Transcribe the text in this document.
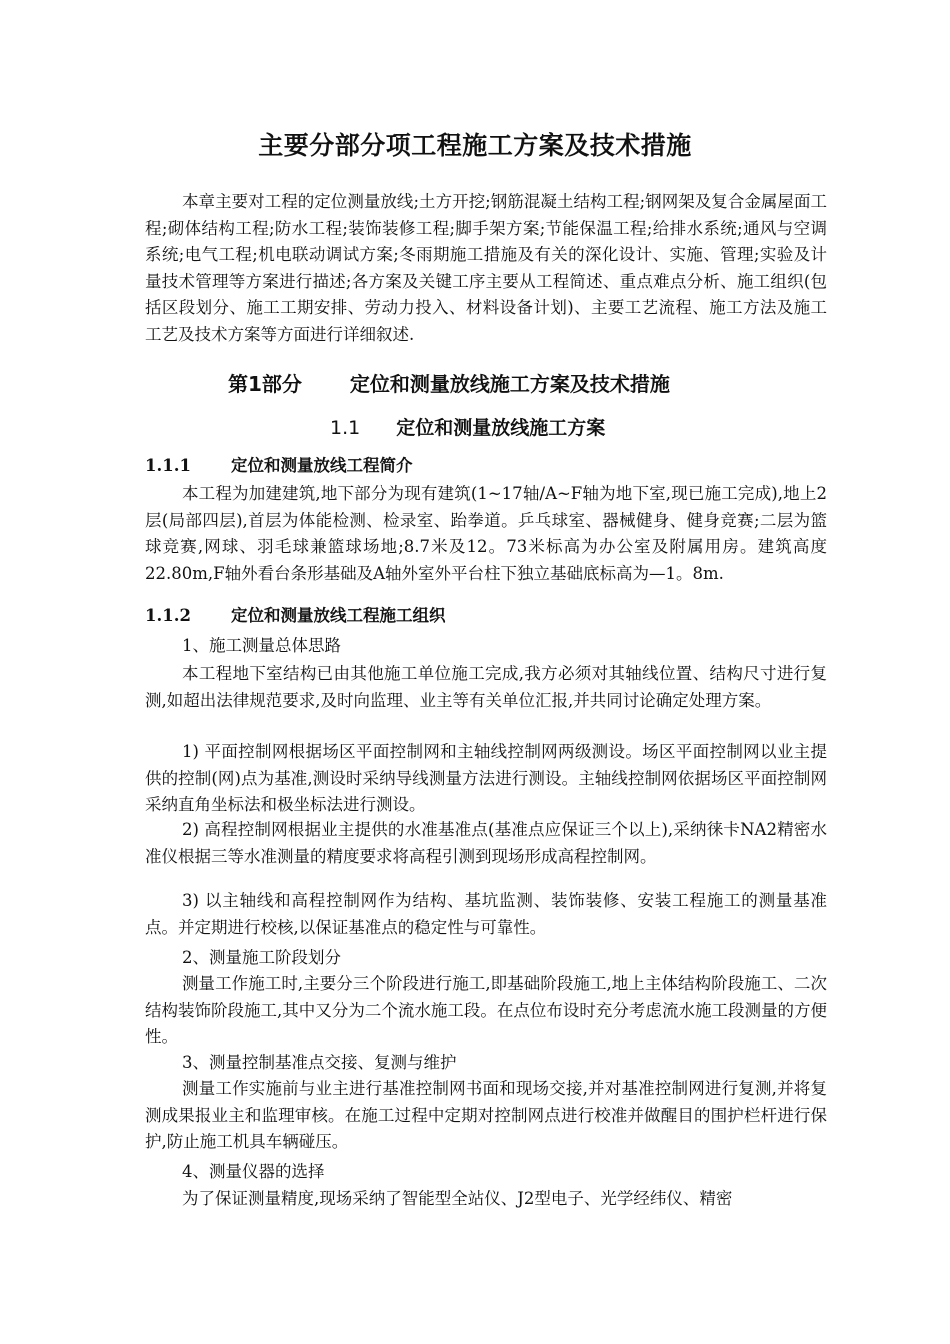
主要分部分项工程施工方案及技术措施

本章主要对工程的定位测量放线;土方开挖;钢筋混凝土结构工程;钢网架及复合金属屋面工程;砌体结构工程;防水工程;装饰装修工程;脚手架方案;节能保温工程;给排水系统;通风与空调系统;电气工程;机电联动调试方案;冬雨期施工措施及有关的深化设计、实施、管理;实验及计量技术管理等方案进行描述;各方案及关键工序主要从工程简述、重点难点分析、施工组织(包括区段划分、施工工期安排、劳动力投入、材料设备计划)、主要工艺流程、施工方法及施工工艺及技术方案等方面进行详细叙述.

第1部分 定位和测量放线施工方案及技术措施
1.1 定位和测量放线施工方案
1.1.1 定位和测量放线工程简介

本工程为加建建筑,地下部分为现有建筑(1~17轴/A~F轴为地下室,现已施工完成),地上2层(局部四层),首层为体能检测、检录室、跆拳道。乒乓球室、器械健身、健身竞赛;二层为篮球竞赛,网球、羽毛球兼篮球场地;8.7米及12。73米标高为办公室及附属用房。建筑高度22.80m,F轴外看台条形基础及A轴外室外平台柱下独立基础底标高为—1。8m.

1.1.2 定位和测量放线工程施工组织
1、施工测量总体思路

本工程地下室结构已由其他施工单位施工完成,我方必须对其轴线位置、结构尺寸进行复测,如超出法律规范要求,及时向监理、业主等有关单位汇报,并共同讨论确定处理方案。

1) 平面控制网根据场区平面控制网和主轴线控制网两级测设。场区平面控制网以业主提供的控制(网)点为基准,测设时采纳导线测量方法进行测设。主轴线控制网依据场区平面控制网采纳直角坐标法和极坐标法进行测设。

2) 高程控制网根据业主提供的水准基准点(基准点应保证三个以上),采纳徕卡NA2精密水准仪根据三等水准测量的精度要求将高程引测到现场形成高程控制网。

3) 以主轴线和高程控制网作为结构、基坑监测、装饰装修、安装工程施工的测量基准点。并定期进行校核,以保证基准点的稳定性与可靠性。

2、测量施工阶段划分

测量工作施工时,主要分三个阶段进行施工,即基础阶段施工,地上主体结构阶段施工、二次结构装饰阶段施工,其中又分为二个流水施工段。在点位布设时充分考虑流水施工段测量的方便性。

3、测量控制基准点交接、复测与维护

测量工作实施前与业主进行基准控制网书面和现场交接,并对基准控制网进行复测,并将复测成果报业主和监理审核。在施工过程中定期对控制网点进行校准并做醒目的围护栏杆进行保护,防止施工机具车辆碰压。

4、测量仪器的选择

为了保证测量精度,现场采纳了智能型全站仪、J2型电子、光学经纬仪、精密
